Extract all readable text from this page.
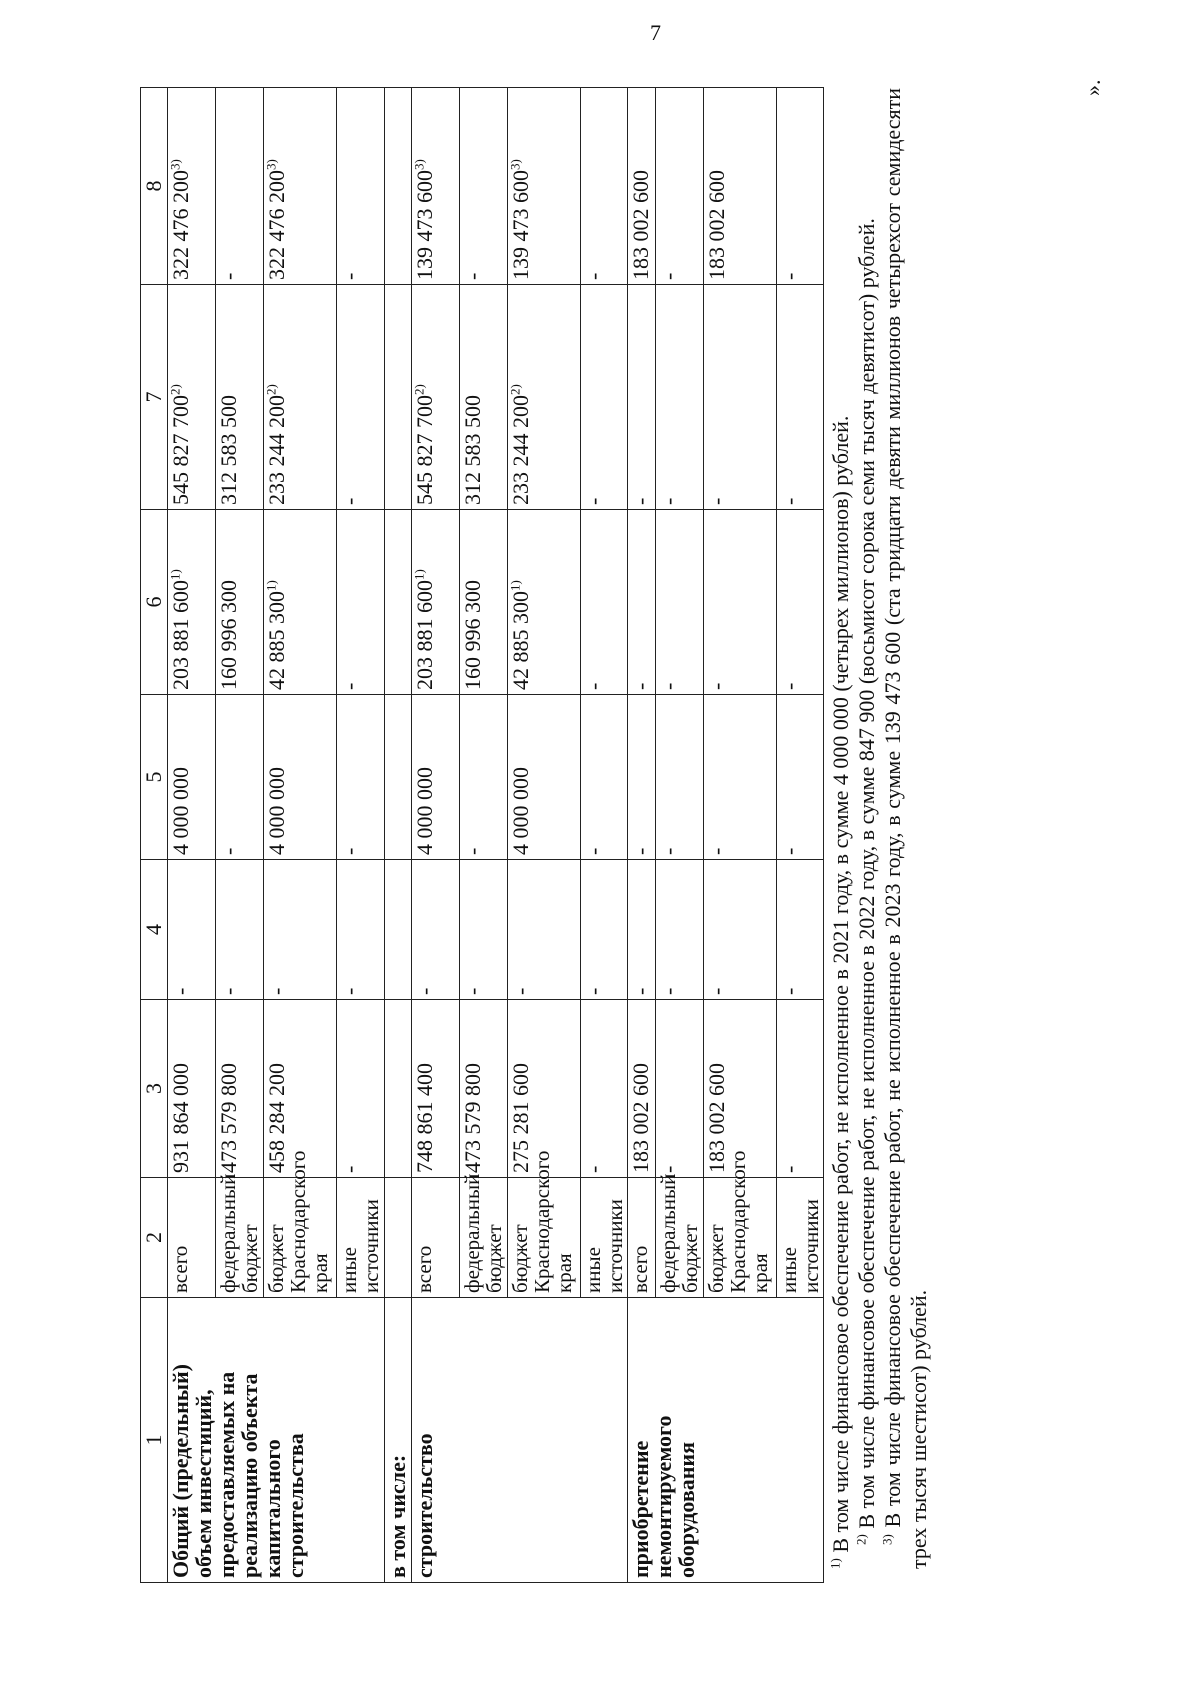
7
».
1	2	3	4	5	6	7	8
Общий (предельный) объем инвестиций, предоставляемых на реализацию объекта капитального строительства	всего	931 864 000	-	4 000 000	203 881 600$^{1)}$	545 827 700$^{2)}$	322 476 200$^{3)}$
	федеральный бюджет	473 579 800	-	-	160 996 300	312 583 500	-
	бюджет Краснодарского края	458 284 200	-	4 000 000	42 885 300$^{1)}$	233 244 200$^{2)}$	322 476 200$^{3)}$
	иные источники	-	-	-	-	-	-
в том числе:							
строительство	всего	748 861 400	-	4 000 000	203 881 600$^{1)}$	545 827 700$^{2)}$	139 473 600$^{3)}$
	федеральный бюджет	473 579 800	-	-	160 996 300	312 583 500	-
	бюджет Краснодарского края	275 281 600	-	4 000 000	42 885 300$^{1)}$	233 244 200$^{2)}$	139 473 600$^{3)}$
	иные источники	-	-	-	-	-	-
приобретение немонтируемого оборудования	всего	183 002 600	-	-	-	-	183 002 600
	федеральный бюджет	-	-	-	-	-	-
	бюджет Краснодарского края	183 002 600	-	-	-	-	183 002 600
	иные источники	-	-	-	-	-	-

$^{1)}$ В том числе финансовое обеспечение работ, не исполненное в 2021 году, в сумме 4 000 000 (четырех миллионов) рублей. $^{2)}$ В том числе финансовое обеспечение работ, не исполненное в 2022 году, в сумме 847 900 (восьмисот сорока семи тысяч девятисот) рублей.

$^{3)}$ В том числе финансовое обеспечение работ, не исполненное в 2023 году, в сумме 139 473 600 (ста тридцати девяти миллионов четырехсот семидесяти трех тысяч шестисот) рублей.
